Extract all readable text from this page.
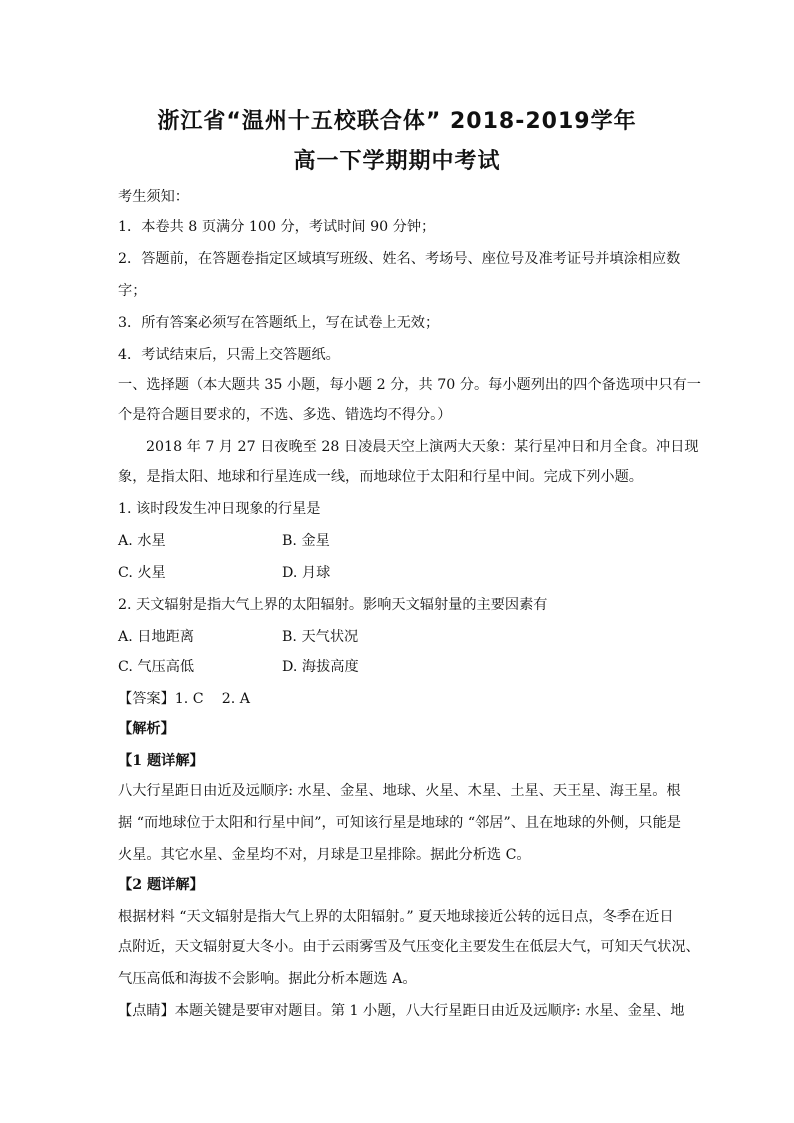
浙江省“温州十五校联合体” 2018-2019学年
高一下学期期中考试
考生须知：
1．本卷共 8 页满分 100 分，考试时间 90 分钟；
2．答题前，在答题卷指定区域填写班级、姓名、考场号、座位号及准考证号并填涂相应数
字；
3．所有答案必须写在答题纸上，写在试卷上无效；
4．考试结束后，只需上交答题纸。
一、选择题（本大题共 35 小题，每小题 2 分，共 70 分。每小题列出的四个备选项中只有一
个是符合题目要求的，不选、多选、错选均不得分。）
2018 年 7 月 27 日夜晚至 28 日凌晨天空上演两大天象：某行星冲日和月全食。冲日现
象，是指太阳、地球和行星连成一线，而地球位于太阳和行星中间。完成下列小题。
1. 该时段发生冲日现象的行星是
A. 水星	B. 金星
C. 火星	D. 月球
2. 天文辐射是指大气上界的太阳辐射。影响天文辐射量的主要因素有
A. 日地距离	B. 天气状况
C. 气压高低	D. 海拔高度
【答案】1. C    2. A
【解析】
【1 题详解】
八大行星距日由近及远顺序: 水星、金星、地球、火星、木星、土星、天王星、海王星。根
据 “而地球位于太阳和行星中间”，可知该行星是地球的 “邻居”、且在地球的外侧，只能是
火星。其它水星、金星均不对，月球是卫星排除。据此分析选 C。
【2 题详解】
根据材料 “天文辐射是指大气上界的太阳辐射。” 夏天地球接近公转的远日点，冬季在近日
点附近，天文辐射夏大冬小。由于云雨雾雪及气压变化主要发生在低层大气，可知天气状况、
气压高低和海拔不会影响。据此分析本题选 A。
【点睛】本题关键是要审对题目。第 1 小题，八大行星距日由近及远顺序: 水星、金星、地
